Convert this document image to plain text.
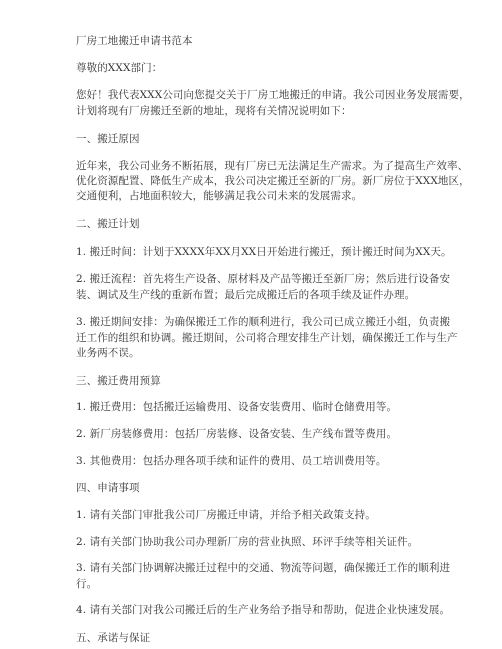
厂房工地搬迁申请书范本
尊敬的XXX部门：
您好！我代表XXX公司向您提交关于厂房工地搬迁的申请。我公司因业务发展需要，
计划将现有厂房搬迁至新的地址，现将有关情况说明如下：
一、搬迁原因
近年来，我公司业务不断拓展，现有厂房已无法满足生产需求。为了提高生产效率、
优化资源配置、降低生产成本，我公司决定搬迁至新的厂房。新厂房位于XXX地区，
交通便利，占地面积较大，能够满足我公司未来的发展需求。
二、搬迁计划
1. 搬迁时间：计划于XXXX年XX月XX日开始进行搬迁，预计搬迁时间为XX天。
2. 搬迁流程：首先将生产设备、原材料及产品等搬迁至新厂房；然后进行设备安
装、调试及生产线的重新布置；最后完成搬迁后的各项手续及证件办理。
3. 搬迁期间安排：为确保搬迁工作的顺利进行，我公司已成立搬迁小组，负责搬
迁工作的组织和协调。搬迁期间，公司将合理安排生产计划，确保搬迁工作与生产
业务两不误。
三、搬迁费用预算
1. 搬迁费用：包括搬迁运输费用、设备安装费用、临时仓储费用等。
2. 新厂房装修费用：包括厂房装修、设备安装、生产线布置等费用。
3. 其他费用：包括办理各项手续和证件的费用、员工培训费用等。
四、申请事项
1. 请有关部门审批我公司厂房搬迁申请，并给予相关政策支持。
2. 请有关部门协助我公司办理新厂房的营业执照、环评手续等相关证件。
3. 请有关部门协调解决搬迁过程中的交通、物流等问题，确保搬迁工作的顺利进
行。
4. 请有关部门对我公司搬迁后的生产业务给予指导和帮助，促进企业快速发展。
五、承诺与保证
